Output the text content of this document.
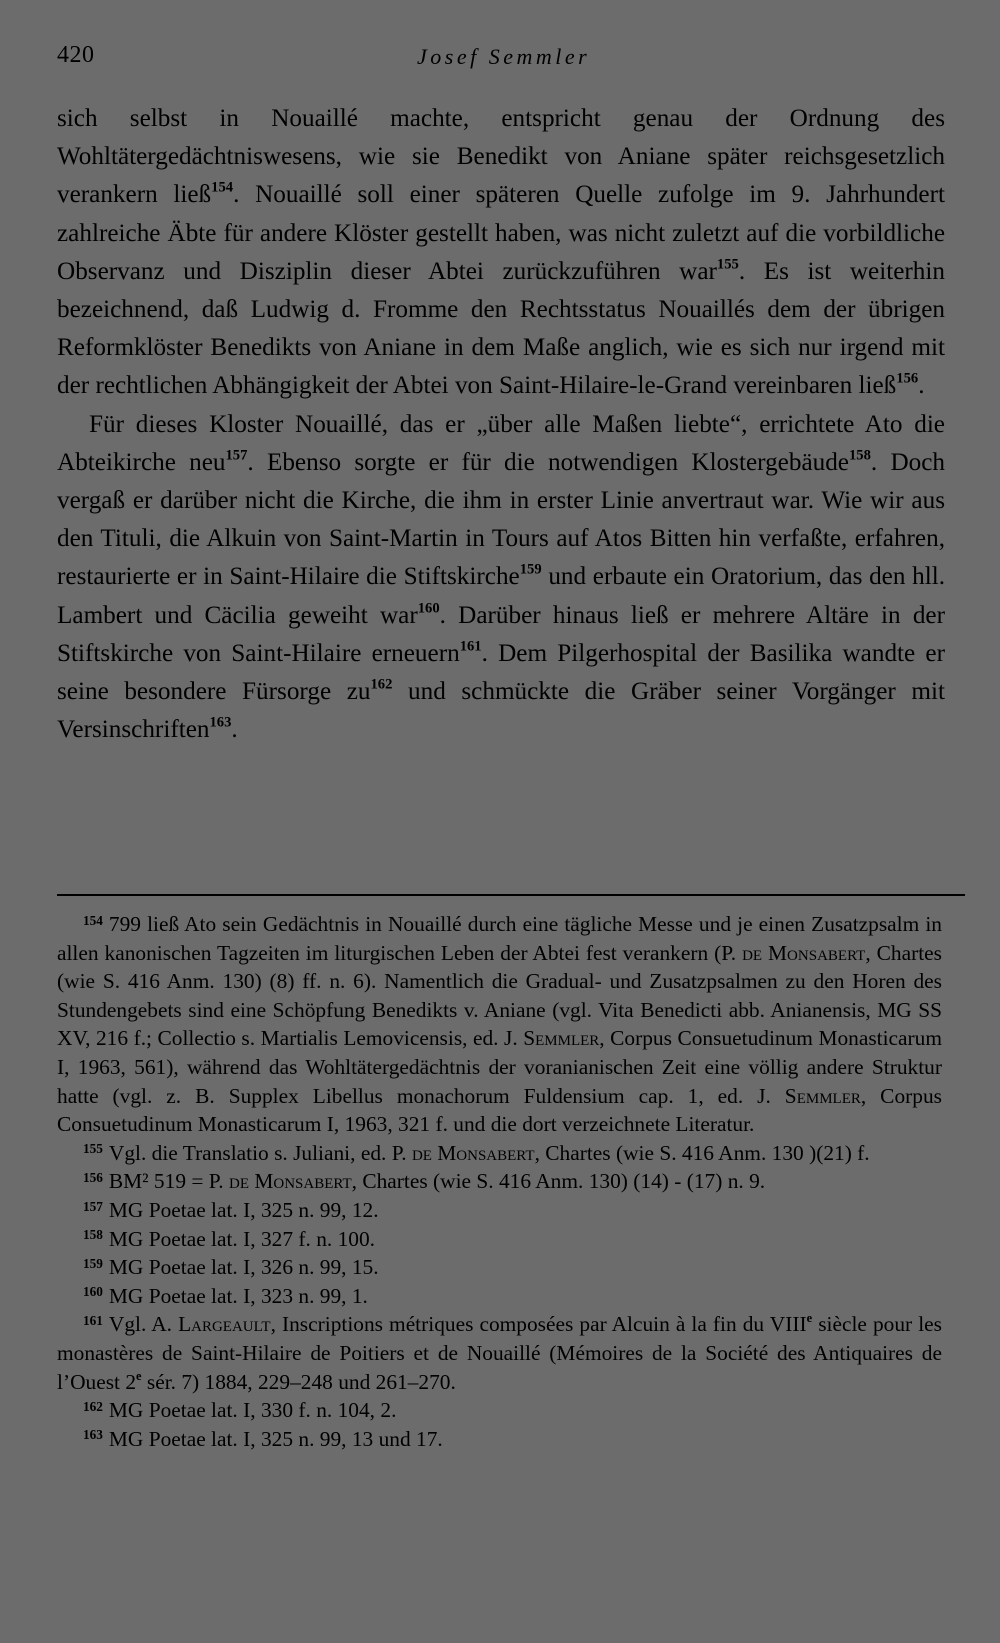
420	Josef Semmler

sich selbst in Nouaillé machte, entspricht genau der Ordnung des Wohltätergedächtniswesens, wie sie Benedikt von Aniane später reichsgesetzlich verankern ließ$^{154}$. Nouaillé soll einer späteren Quelle zufolge im 9. Jahrhundert zahlreiche Äbte für andere Klöster gestellt haben, was nicht zuletzt auf die vorbildliche Observanz und Disziplin dieser Abtei zurückzuführen war$^{155}$. Es ist weiterhin bezeichnend, daß Ludwig d. Fromme den Rechtsstatus Nouaillés dem der übrigen Reformklöster Benedikts von Aniane in dem Maße anglich, wie es sich nur irgend mit der rechtlichen Abhängigkeit der Abtei von Saint-Hilaire-le-Grand vereinbaren ließ$^{156}$.

Für dieses Kloster Nouaillé, das er „über alle Maßen liebte“, errichtete Ato die Abteikirche neu$^{157}$. Ebenso sorgte er für die notwendigen Klostergebäude$^{158}$. Doch vergaß er darüber nicht die Kirche, die ihm in erster Linie anvertraut war. Wie wir aus den Tituli, die Alkuin von Saint-Martin in Tours auf Atos Bitten hin verfaßte, erfahren, restaurierte er in Saint-Hilaire die Stiftskirche$^{159}$ und erbaute ein Oratorium, das den hll. Lambert und Cäcilia geweiht war$^{160}$. Darüber hinaus ließ er mehrere Altäre in der Stiftskirche von Saint-Hilaire erneuern$^{161}$. Dem Pilgerhospital der Basilika wandte er seine besondere Fürsorge $zu^{162}$ und schmückte die Gräber seiner Vorgänger mit Versinschriften$^{163}$.

$^{154}$ 799 ließ Ato sein Gedächtnis in Nouaillé durch eine tägliche Messe und je einen Zusatzpsalm in allen kanonischen Tagzeiten im liturgischen Leben der Abtei fest verankern (P. de Monsabert, Chartes (wie S. 416 Anm. 130) (8) ff. n. 6). Namentlich die Gradual- und Zusatzpsalmen zu den Horen des Stundengebets sind eine Schöpfung Benedikts v. Aniane (vgl. Vita Benedicti abb. Anianensis, MG SS XV, 216 f.; Collectio s. Martialis Lemovicensis, ed. J. Semmler, Corpus Consuetudinum Monasticarum I, 1963, 561), während das Wohltätergedächtnis der voranianischen Zeit eine völlig andere Struktur hatte (vgl. z. B. Supplex Libellus monachorum Fuldensium cap. 1, ed. J. Semmler, Corpus Consuetudinum Monasticarum I, 1963, 321 f. und die dort verzeichnete Literatur.

$^{155}$ Vgl. die Translatio s. Juliani, ed. P. de Monsabert, Chartes (wie S. 416 Anm. 130 )(21) f.

$^{156}$ BM² 519 = P. de Monsabert, Chartes (wie S. 416 Anm. 130) (14) - (17) n. 9.

$^{157}$ MG Poetae lat. I, 325 n. 99, 12.

$^{158}$ MG Poetae lat. I, 327 f. n. 100.

$^{159}$ MG Poetae lat. I, 326 n. 99, 15.

$^{160}$ MG Poetae lat. I, 323 n. 99, 1.

$^{161}$ Vgl. A. Largeault, Inscriptions métriques composées par Alcuin à la fin du VIIIe siècle pour les monastères de Saint-Hilaire de Poitiers et de Nouaillé (Mémoires de la Société des Antiquaires de l’Ouest 2e sér. 7) 1884, 229–248 und 261–270.

$^{162}$ MG Poetae lat. I, 330 f. n. 104, 2.

$^{163}$ MG Poetae lat. I, 325 n. 99, 13 und 17.
